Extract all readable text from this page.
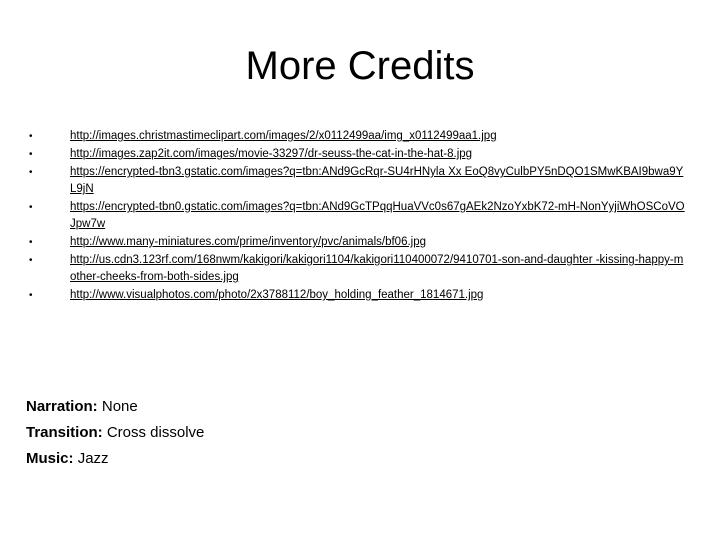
More Credits
•	http://images.christmastimeclipart.com/images/2/x0112499aa/img_x0112499aa1.jpg
•	http://images.zap2it.com/images/movie-33297/dr-seuss-the-cat-in-the-hat-8.jpg
•	https://encrypted-tbn3.gstatic.com/images?q=tbn:ANd9GcRqr-SU4rHNyla Xx EoQ8vyCulbPY5nDQO1SMwKBAI9bwa9YL9jN
•	https://encrypted-tbn0.gstatic.com/images?q=tbn:ANd9GcTPqqHuaVVc0s67gAEk2NzoYxbK72-mH-NonYyjiWhOSCoVOJpw7w
•	http://www.many-miniatures.com/prime/inventory/pvc/animals/bf06.jpg
•	http://us.cdn3.123rf.com/168nwm/kakigori/kakigori1104/kakigori110400072/9410701-son-and-daughter -kissing-happy-mother-cheeks-from-both-sides.jpg
•	http://www.visualphotos.com/photo/2x3788112/boy_holding_feather_1814671.jpg
Narration: None
Transition: Cross dissolve
Music: Jazz
